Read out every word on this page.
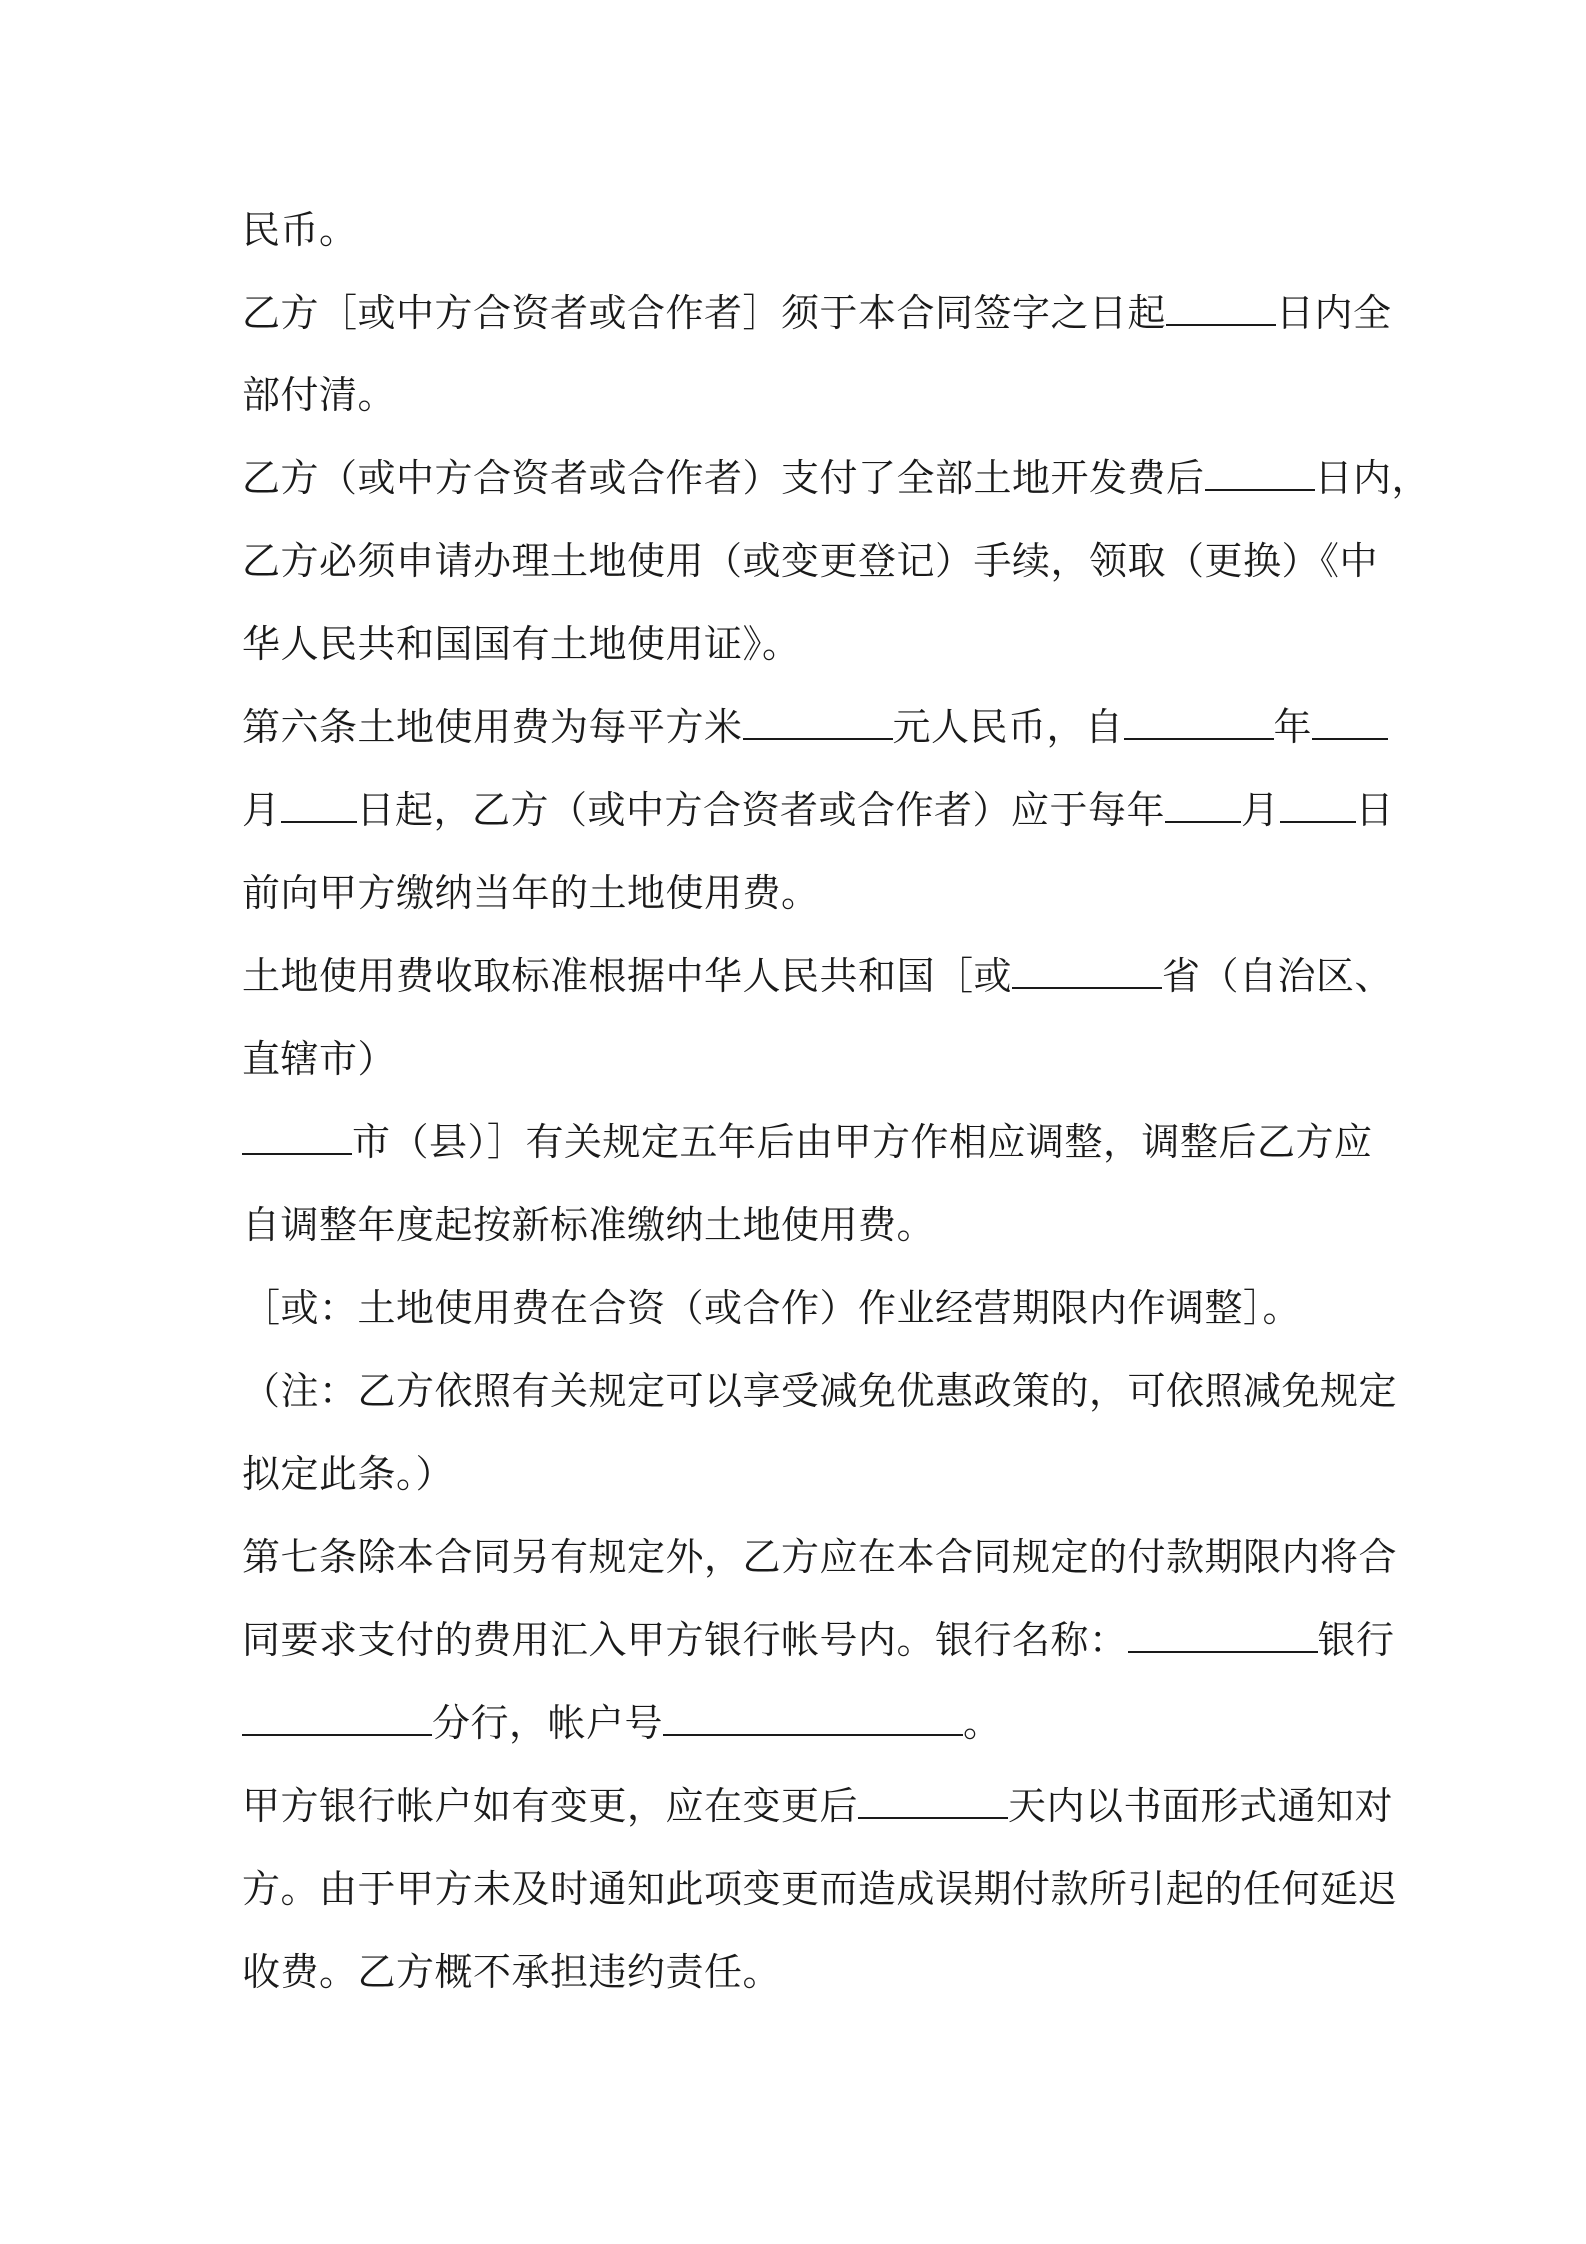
民币。
乙方［或中方合资者或合作者］须于本合同签字之日起	日内全
部付清。
乙方（或中方合资者或合作者）支付了全部土地开发费后	日内，
乙方必须申请办理土地使用（或变更登记）手续，领取（更换）《中
华人民共和国国有土地使用证》。
第六条土地使用费为每平方米	元人民币，自	年
月 日起，乙方（或中方合资者或合作者）应于每年 月 日
前向甲方缴纳当年的土地使用费。
土地使用费收取标准根据中华人民共和国［或	省（自治区、
直辖市）
市（县）］有关规定五年后由甲方作相应调整，调整后乙方应
自调整年度起按新标准缴纳土地使用费。
［或：土地使用费在合资（或合作）作业经营期限内作调整］。
（注：乙方依照有关规定可以享受减免优惠政策的，可依照减免规定
拟定此条。）
第七条除本合同另有规定外，乙方应在本合同规定的付款期限内将合
同要求支付的费用汇入甲方银行帐号内。银行名称：	银行
分行，帐户号	。
甲方银行帐户如有变更，应在变更后	天内以书面形式通知对
方。由于甲方未及时通知此项变更而造成误期付款所引起的任何延迟
收费。乙方概不承担违约责任。
